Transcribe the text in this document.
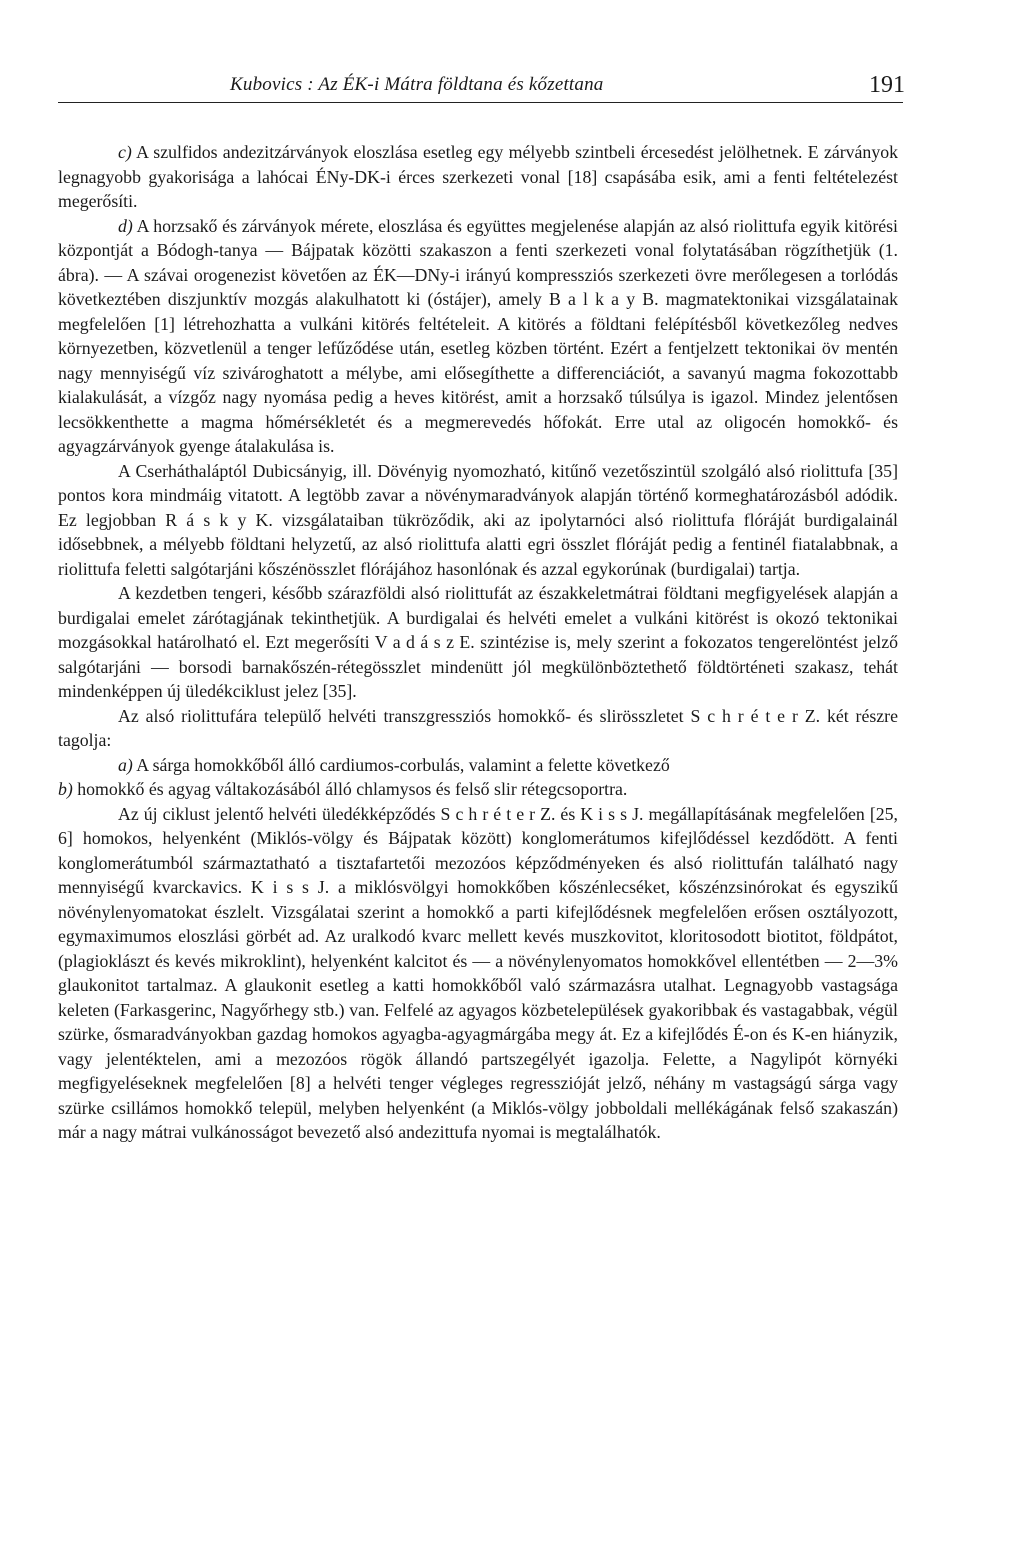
Kubovics : Az ÉK-i Mátra földtana és kőzettana	191

c) A szulfidos andezitzárványok eloszlása esetleg egy mélyebb szintbeli ércesedést jelölhetnek. E zárványok legnagyobb gyakorisága a lahócai ÉNy-DK-i érces szerkezeti vonal [18] csapásába esik, ami a fenti feltételezést megerősíti.

d) A horzsakő és zárványok mérete, eloszlása és együttes megjelenése alapján az alsó riolittufa egyik kitörési központját a Bódogh-tanya — Bájpatak közötti szakaszon a fenti szerkezeti vonal folytatásában rögzíthetjük (1. ábra). — A szávai orogenezist követően az ÉK—DNy-i irányú kompressziós szerkezeti övre merőlegesen a torlódás következtében diszjunktív mozgás alakulhatott ki (óstájer), amely B a l k a y B. magmatektonikai vizsgálatainak megfelelően [1] létrehozhatta a vulkáni kitörés feltételeit. A kitörés a földtani felépítésből következőleg nedves környezetben, közvetlenül a tenger lefűződése után, esetleg közben történt. Ezért a fentjelzett tektonikai öv mentén nagy mennyiségű víz szivároghatott a mélybe, ami elősegíthette a differenciációt, a savanyú magma fokozottabb kialakulását, a vízgőz nagy nyomása pedig a heves kitörést, amit a horzsakő túlsúlya is igazol. Mindez jelentősen lecsökkenthette a magma hőmérsékletét és a megmerevedés hőfokát. Erre utal az oligocén homokkő- és agyagzárványok gyenge átalakulása is.

A Cserháthaláptól Dubicsányig, ill. Dövényig nyomozható, kitűnő vezetőszintül szolgáló alsó riolittufa [35] pontos kora mindmáig vitatott. A legtöbb zavar a növénymaradványok alapján történő kormeghatározásból adódik. Ez legjobban R á s k y K. vizsgálataiban tükröződik, aki az ipolytarnóci alsó riolittufa flóráját burdigalainál idősebbnek, a mélyebb földtani helyzetű, az alsó riolittufa alatti egri összlet flóráját pedig a fentinél fiatalabbnak, a riolittufa feletti salgótarjáni kőszénösszlet flórájához hasonlónak és azzal egykorúnak (burdigalai) tartja.

A kezdetben tengeri, később szárazföldi alsó riolittufát az északkeletmátrai földtani megfigyelések alapján a burdigalai emelet zárótagjának tekinthetjük. A burdigalai és helvéti emelet a vulkáni kitörést is okozó tektonikai mozgásokkal határolható el. Ezt megerősíti V a d á s z E. szintézise is, mely szerint a fokozatos tengerelöntést jelző salgótarjáni — borsodi barnakőszén-rétegösszlet mindenütt jól megkülönböztethető földtörténeti szakasz, tehát mindenképpen új üledékciklust jelez [35].

Az alsó riolittufára települő helvéti transzgressziós homokkő- és slirösszletet S c h r é t e r Z. két részre tagolja:

a) A sárga homokkőből álló cardiumos-corbulás, valamint a felette következő

b) homokkő és agyag váltakozásából álló chlamysos és felső slir rétegcsoportra.

Az új ciklust jelentő helvéti üledékképződés S c h r é t e r Z. és K i s s J. megállapításának megfelelően [25, 6] homokos, helyenként (Miklós-völgy és Bájpatak között) konglomerátumos kifejlődéssel kezdődött. A fenti konglomerátumból származtatható a tisztafartetői mezozóos képződményeken és alsó riolittufán található nagy mennyiségű kvarckavics. K i s s J. a miklósvölgyi homokkőben kőszénlecséket, kőszénzsinórokat és egyszikű növénylenyomatokat észlelt. Vizsgálatai szerint a homokkő a parti kifejlődésnek megfelelően erősen osztályozott, egymaximumos eloszlási görbét ad. Az uralkodó kvarc mellett kevés muszkovitot, kloritosodott biotitot, földpátot, (plagioklászt és kevés mikroklint), helyenként kalcitot és — a növénylenyomatos homokkővel ellentétben — 2—3% glaukonitot tartalmaz. A glaukonit esetleg a katti homokkőből való származásra utalhat. Legnagyobb vastagsága keleten (Farkasgerinc, Nagyőrhegy stb.) van. Felfelé az agyagos közbetelepülések gyakoribbak és vastagabbak, végül szürke, ősmaradványokban gazdag homokos agyagba-agyagmárgába megy át. Ez a kifejlődés É-on és K-en hiányzik, vagy jelentéktelen, ami a mezozóos rögök állandó partszegélyét igazolja. Felette, a Nagylipót környéki megfigyeléseknek megfelelően [8] a helvéti tenger végleges regresszióját jelző, néhány m vastagságú sárga vagy szürke csillámos homokkő települ, melyben helyenként (a Miklós-völgy jobboldali mellékágának felső szakaszán) már a nagy mátrai vulkánosságot bevezető alsó andezittufa nyomai is megtalálhatók.
